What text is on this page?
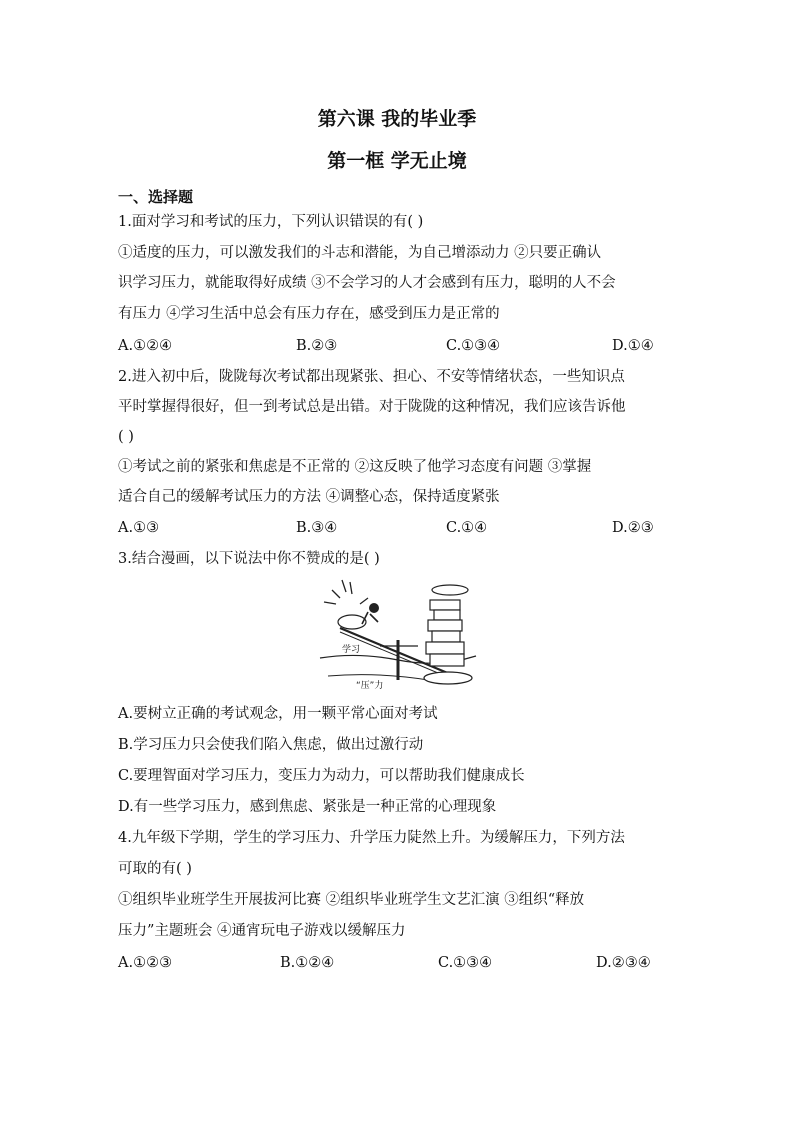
第六课 我的毕业季
第一框 学无止境
一、选择题
1.面对学习和考试的压力，下列认识错误的有( )
①适度的压力，可以激发我们的斗志和潜能，为自己增添动力 ②只要正确认
识学习压力，就能取得好成绩 ③不会学习的人才会感到有压力，聪明的人不会
有压力 ④学习生活中总会有压力存在，感受到压力是正常的
A.①②④	B.②③	C.①③④	D.①④
2.进入初中后，陇陇每次考试都出现紧张、担心、不安等情绪状态，一些知识点
平时掌握得很好，但一到考试总是出错。对于陇陇的这种情况，我们应该告诉他
( )
①考试之前的紧张和焦虑是不正常的 ②这反映了他学习态度有问题 ③掌握
适合自己的缓解考试压力的方法 ④调整心态，保持适度紧张
A.①③	B.③④	C.①④	D.②③
3.结合漫画，以下说法中你不赞成的是( )
学习
“压”力
A.要树立正确的考试观念，用一颗平常心面对考试
B.学习压力只会使我们陷入焦虑，做出过激行动
C.要理智面对学习压力，变压力为动力，可以帮助我们健康成长
D.有一些学习压力，感到焦虑、紧张是一种正常的心理现象
4.九年级下学期，学生的学习压力、升学压力陡然上升。为缓解压力，下列方法
可取的有( )
①组织毕业班学生开展拔河比赛 ②组织毕业班学生文艺汇演 ③组织“释放
压力”主题班会 ④通宵玩电子游戏以缓解压力
A.①②③	B.①②④	C.①③④	D.②③④
